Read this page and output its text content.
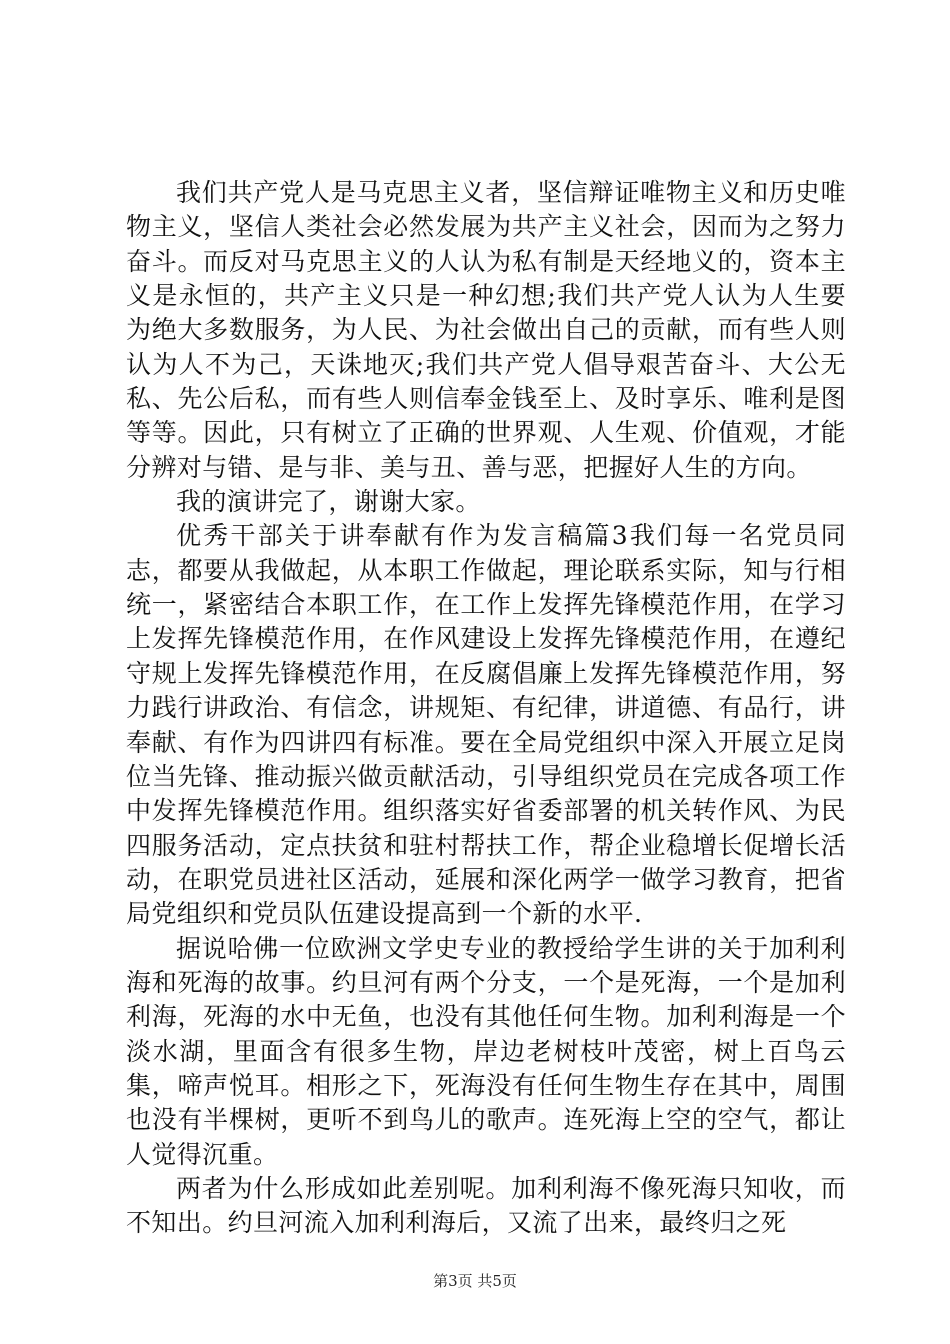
我们共产党人是马克思主义者，坚信辩证唯物主义和历史唯物主义，坚信人类社会必然发展为共产主义社会，因而为之努力奋斗。而反对马克思主义的人认为私有制是天经地义的，资本主义是永恒的，共产主义只是一种幻想;我们共产党人认为人生要为绝大多数服务，为人民、为社会做出自己的贡献，而有些人则认为人不为己，天诛地灭;我们共产党人倡导艰苦奋斗、大公无私、先公后私，而有些人则信奉金钱至上、及时享乐、唯利是图等等。因此，只有树立了正确的世界观、人生观、价值观，才能分辨对与错、是与非、美与丑、善与恶，把握好人生的方向。

我的演讲完了，谢谢大家。

优秀干部关于讲奉献有作为发言稿篇3我们每一名党员同志，都要从我做起，从本职工作做起，理论联系实际，知与行相统一，紧密结合本职工作，在工作上发挥先锋模范作用，在学习上发挥先锋模范作用，在作风建设上发挥先锋模范作用，在遵纪守规上发挥先锋模范作用，在反腐倡廉上发挥先锋模范作用，努力践行讲政治、有信念，讲规矩、有纪律，讲道德、有品行，讲奉献、有作为四讲四有标准。要在全局党组织中深入开展立足岗位当先锋、推动振兴做贡献活动，引导组织党员在完成各项工作中发挥先锋模范作用。组织落实好省委部署的机关转作风、为民四服务活动，定点扶贫和驻村帮扶工作，帮企业稳增长促增长活动，在职党员进社区活动，延展和深化两学一做学习教育，把省局党组织和党员队伍建设提高到一个新的水平.

据说哈佛一位欧洲文学史专业的教授给学生讲的关于加利利海和死海的故事。约旦河有两个分支，一个是死海，一个是加利利海，死海的水中无鱼，也没有其他任何生物。加利利海是一个淡水湖，里面含有很多生物，岸边老树枝叶茂密，树上百鸟云集，啼声悦耳。相形之下，死海没有任何生物生存在其中，周围也没有半棵树，更听不到鸟儿的歌声。连死海上空的空气，都让人觉得沉重。

两者为什么形成如此差别呢。加利利海不像死海只知收，而不知出。约旦河流入加利利海后，又流了出来，最终归之死

第3页 共5页
